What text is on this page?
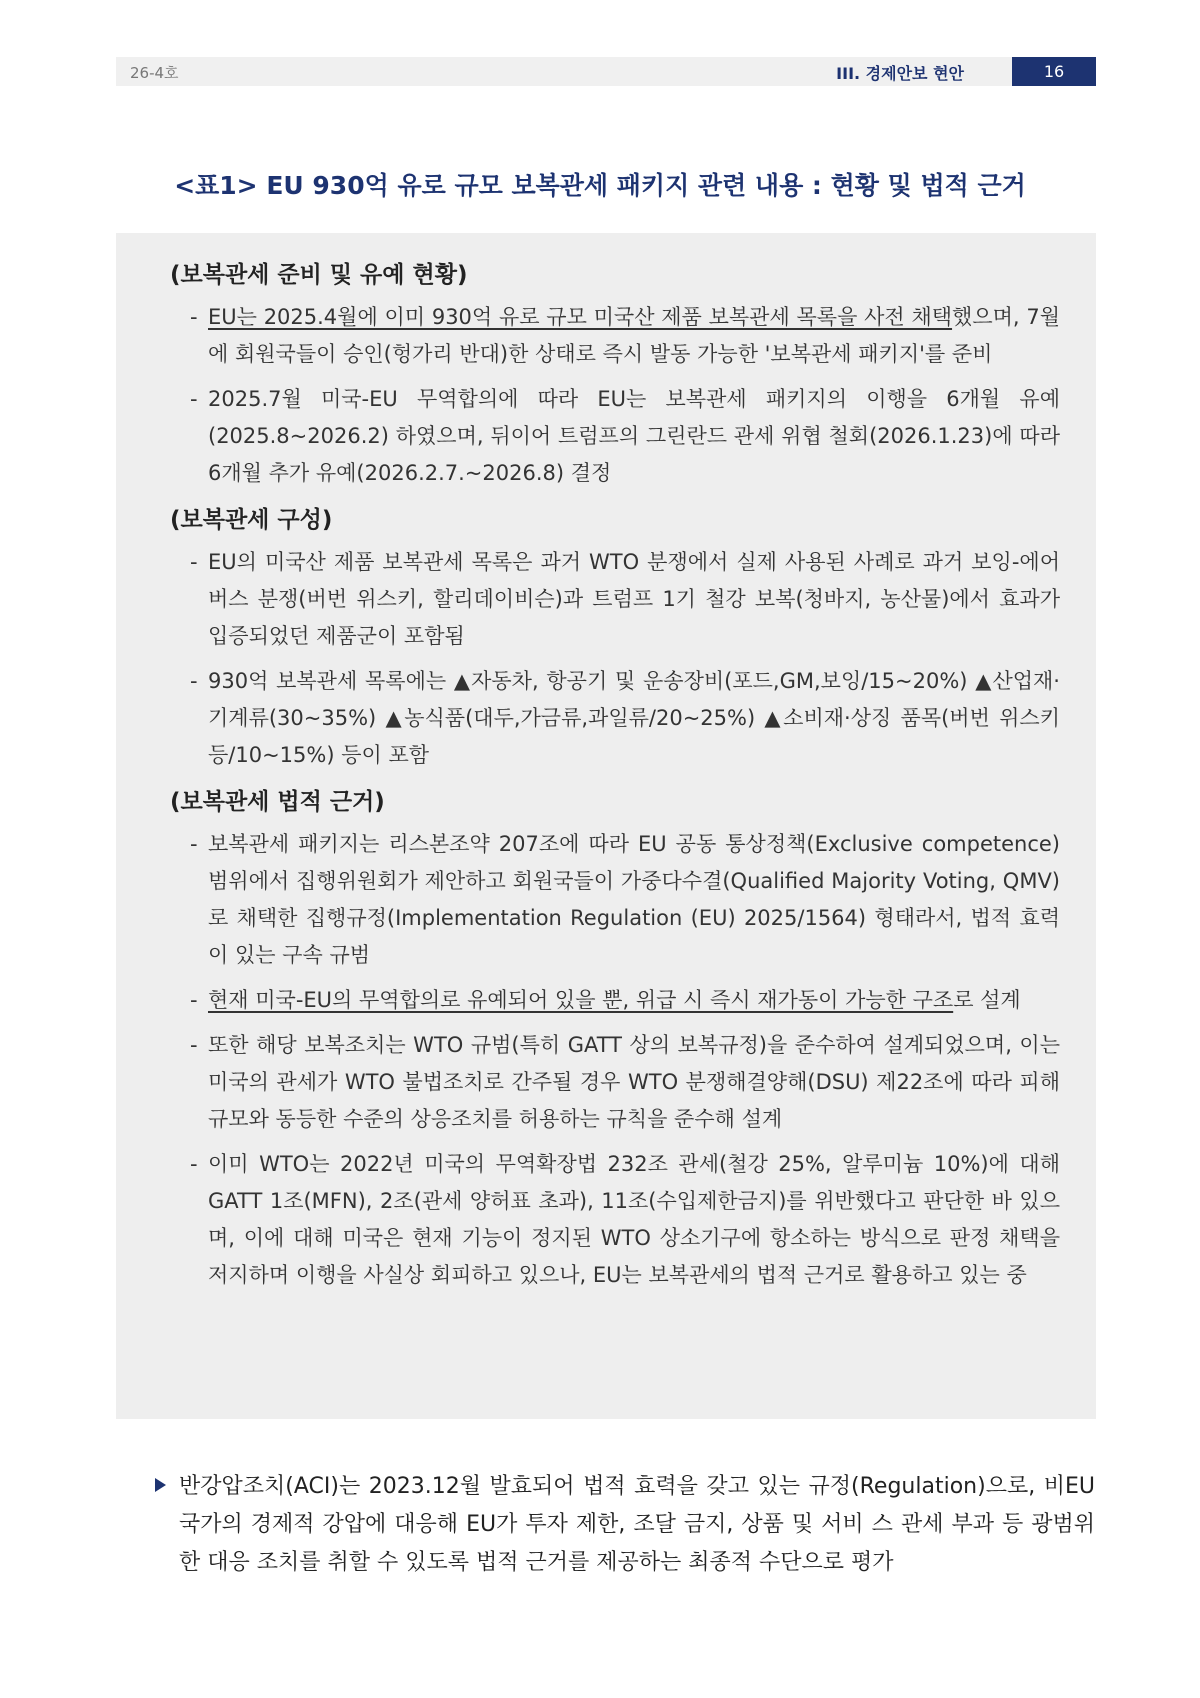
26-4호	III. 경제안보 현안	16
<표1> EU 930억 유로 규모 보복관세 패키지 관련 내용 : 현황 및 법적 근거
(보복관세 준비 및 유예 현황)
- EU는 2025.4월에 이미 930억 유로 규모 미국산 제품 보복관세 목록을 사전 채택했으며, 7월에 회원국들이 승인(헝가리 반대)한 상태로 즉시 발동 가능한 '보복관세 패키지'를 준비
- 2025.7월 미국-EU 무역합의에 따라 EU는 보복관세 패키지의 이행을 6개월 유예(2025.8~2026.2) 하였으며, 뒤이어 트럼프의 그린란드 관세 위협 철회(2026.1.23)에 따라 6개월 추가 유예(2026.2.7.~2026.8) 결정
(보복관세 구성)
- EU의 미국산 제품 보복관세 목록은 과거 WTO 분쟁에서 실제 사용된 사례로 과거 보잉-에어버스 분쟁(버번 위스키, 할리데이비슨)과 트럼프 1기 철강 보복(청바지, 농산물)에서 효과가 입증되었던 제품군이 포함됨
- 930억 보복관세 목록에는 ▲자동차, 항공기 및 운송장비(포드,GM,보잉/15~20%) ▲산업재·기계류(30~35%) ▲농식품(대두,가금류,과일류/20~25%) ▲소비재·상징 품목(버번 위스키 등/10~15%) 등이 포함
(보복관세 법적 근거)
- 보복관세 패키지는 리스본조약 207조에 따라 EU 공동 통상정책(Exclusive competence) 범위에서 집행위원회가 제안하고 회원국들이 가중다수결(Qualified Majority Voting, QMV)로 채택한 집행규정(Implementation Regulation (EU) 2025/1564) 형태라서, 법적 효력이 있는 구속 규범
- 현재 미국-EU의 무역합의로 유예되어 있을 뿐, 위급 시 즉시 재가동이 가능한 구조로 설계
- 또한 해당 보복조치는 WTO 규범(특히 GATT 상의 보복규정)을 준수하여 설계되었으며, 이는 미국의 관세가 WTO 불법조치로 간주될 경우 WTO 분쟁해결양해(DSU) 제22조에 따라 피해규모와 동등한 수준의 상응조치를 허용하는 규칙을 준수해 설계
- 이미 WTO는 2022년 미국의 무역확장법 232조 관세(철강 25%, 알루미늄 10%)에 대해 GATT 1조(MFN), 2조(관세 양허표 초과), 11조(수입제한금지)를 위반했다고 판단한 바 있으며, 이에 대해 미국은 현재 기능이 정지된 WTO 상소기구에 항소하는 방식으로 판정 채택을 저지하며 이행을 사실상 회피하고 있으나, EU는 보복관세의 법적 근거로 활용하고 있는 중
반강압조치(ACI)는 2023.12월 발효되어 법적 효력을 갖고 있는 규정(Regulation)으로, 비EU 국가의 경제적 강압에 대응해 EU가 투자 제한, 조달 금지, 상품 및 서비 스 관세 부과 등 광범위한 대응 조치를 취할 수 있도록 법적 근거를 제공하는 최종적 수단으로 평가
